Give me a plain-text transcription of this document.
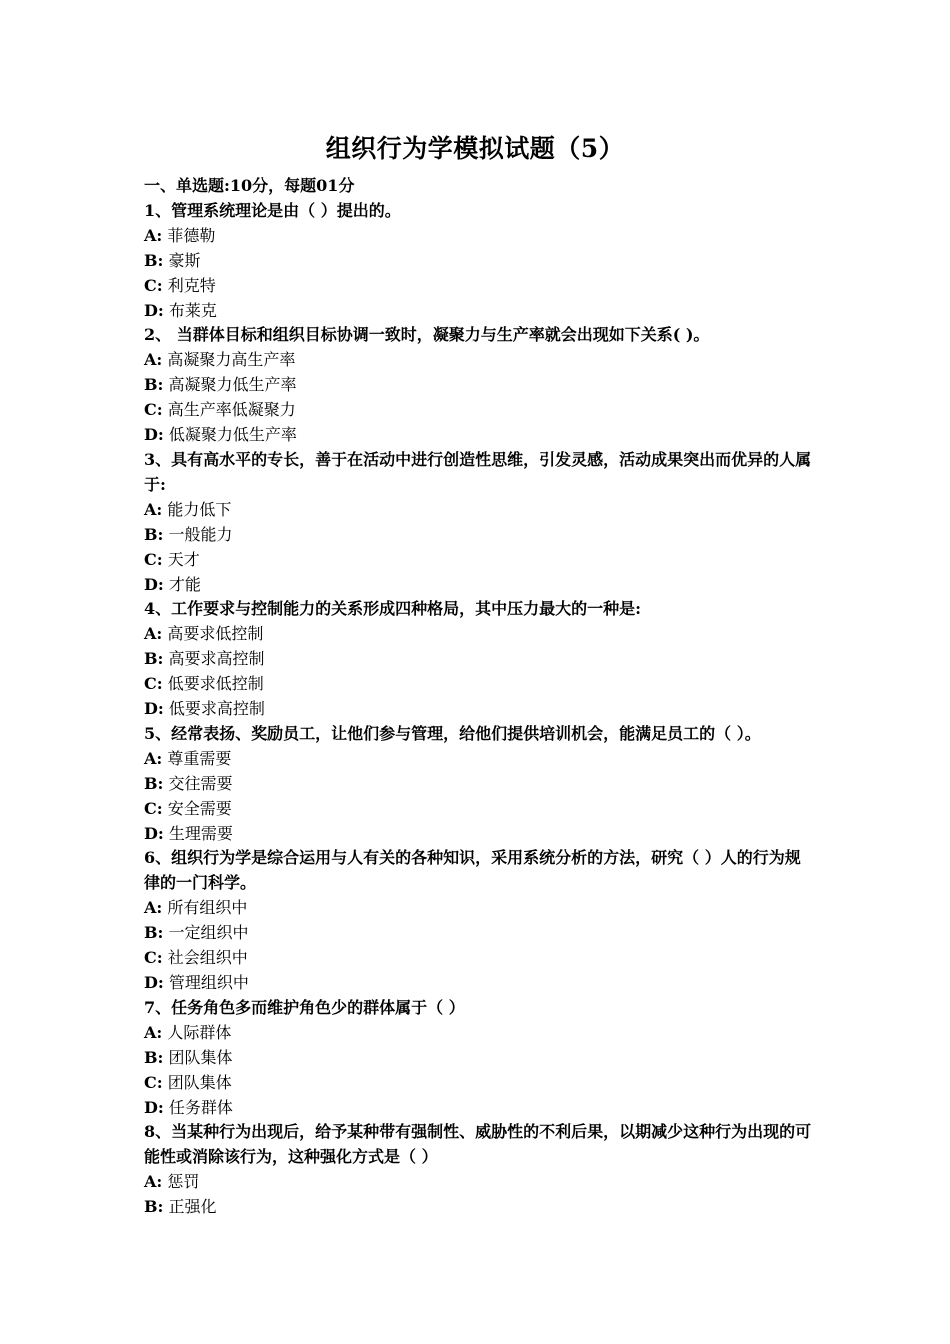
组织行为学模拟试题（5）
一、单选题:10分，每题01分
1、管理系统理论是由（ ）提出的。
A: 菲德勒
B: 豪斯
C: 利克特
D: 布莱克
2、 当群体目标和组织目标协调一致时，凝聚力与生产率就会出现如下关系( )。
A: 高凝聚力高生产率
B: 高凝聚力低生产率
C: 高生产率低凝聚力
D: 低凝聚力低生产率
3、具有高水平的专长，善于在活动中进行创造性思维，引发灵感，活动成果突出而优异的人属于:
A: 能力低下
B: 一般能力
C: 天才
D: 才能
4、工作要求与控制能力的关系形成四种格局，其中压力最大的一种是:
A: 高要求低控制
B: 高要求高控制
C: 低要求低控制
D: 低要求高控制
5、经常表扬、奖励员工，让他们参与管理，给他们提供培训机会，能满足员工的（ ）。
A: 尊重需要
B: 交往需要
C: 安全需要
D: 生理需要
6、组织行为学是综合运用与人有关的各种知识，采用系统分析的方法，研究（ ）人的行为规律的一门科学。
A: 所有组织中
B: 一定组织中
C: 社会组织中
D: 管理组织中
7、任务角色多而维护角色少的群体属于（ ）
A: 人际群体
B: 团队集体
C: 团队集体
D: 任务群体
8、当某种行为出现后，给予某种带有强制性、威胁性的不利后果，以期减少这种行为出现的可能性或消除该行为，这种强化方式是（ ）
A: 惩罚
B: 正强化
